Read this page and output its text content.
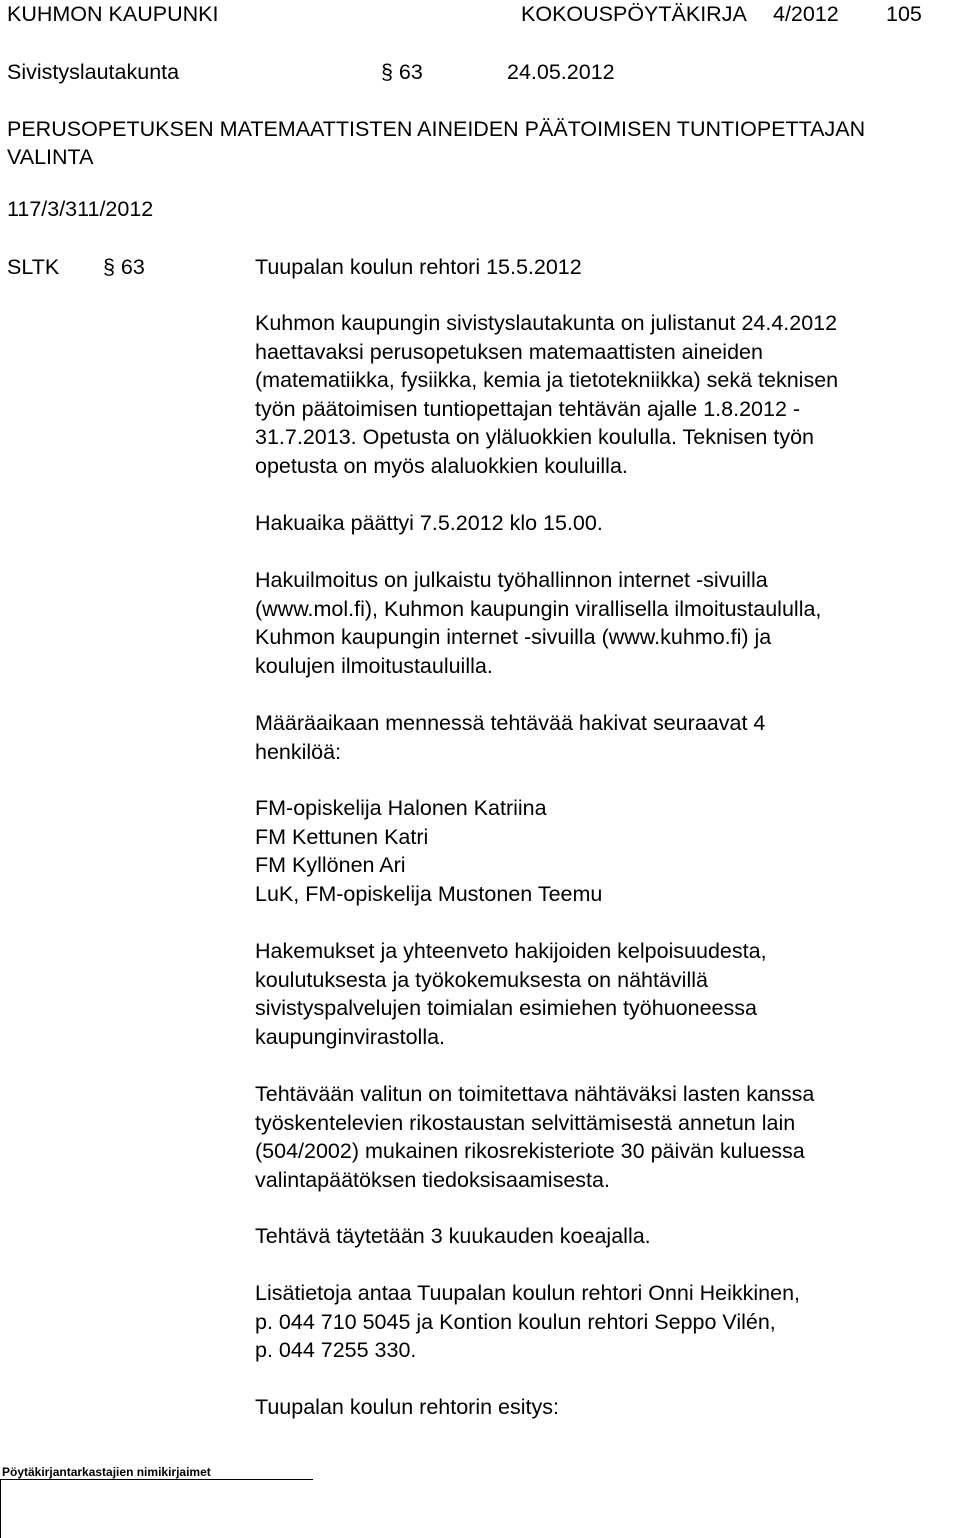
KUHMON KAUPUNKI	KOKOUSPÖYTÄKIRJA 4/2012 105
Sivistyslautakunta	§ 63	24.05.2012
PERUSOPETUKSEN MATEMAATTISTEN AINEIDEN PÄÄTOIMISEN TUNTIOPETTAJAN
VALINTA
117/3/311/2012
SLTK § 63	Tuupalan koulun rehtori 15.5.2012
Kuhmon kaupungin sivistyslautakunta on julistanut 24.4.2012
haettavaksi perusopetuksen matemaattisten aineiden
(matematiikka, fysiikka, kemia ja tietotekniikka) sekä teknisen
työn päätoimisen tuntiopettajan tehtävän ajalle 1.8.2012 -
31.7.2013. Opetusta on yläluokkien koululla. Teknisen työn
opetusta on myös alaluokkien kouluilla.
Hakuaika päättyi 7.5.2012 klo 15.00.
Hakuilmoitus on julkaistu työhallinnon internet -sivuilla
(www.mol.fi), Kuhmon kaupungin virallisella ilmoitustaululla,
Kuhmon kaupungin internet -sivuilla (www.kuhmo.fi) ja
koulujen ilmoitustauluilla.
Määräaikaan mennessä tehtävää hakivat seuraavat 4
henkilöä:
FM-opiskelija Halonen Katriina
FM Kettunen Katri
FM Kyllönen Ari
LuK, FM-opiskelija Mustonen Teemu
Hakemukset ja yhteenveto hakijoiden kelpoisuudesta,
koulutuksesta ja työkokemuksesta on nähtävillä
sivistyspalvelujen toimialan esimiehen työhuoneessa
kaupunginvirastolla.
Tehtävään valitun on toimitettava nähtäväksi lasten kanssa
työskentelevien rikostaustan selvittämisestä annetun lain
(504/2002) mukainen rikosrekisteriote 30 päivän kuluessa
valintapäätöksen tiedoksisaamisesta.
Tehtävä täytetään 3 kuukauden koeajalla.
Lisätietoja antaa Tuupalan koulun rehtori Onni Heikkinen,
p. 044 710 5045 ja Kontion koulun rehtori Seppo Vilén,
p. 044 7255 330.
Tuupalan koulun rehtorin esitys:
Pöytäkirjantarkastajien nimikirjaimet
